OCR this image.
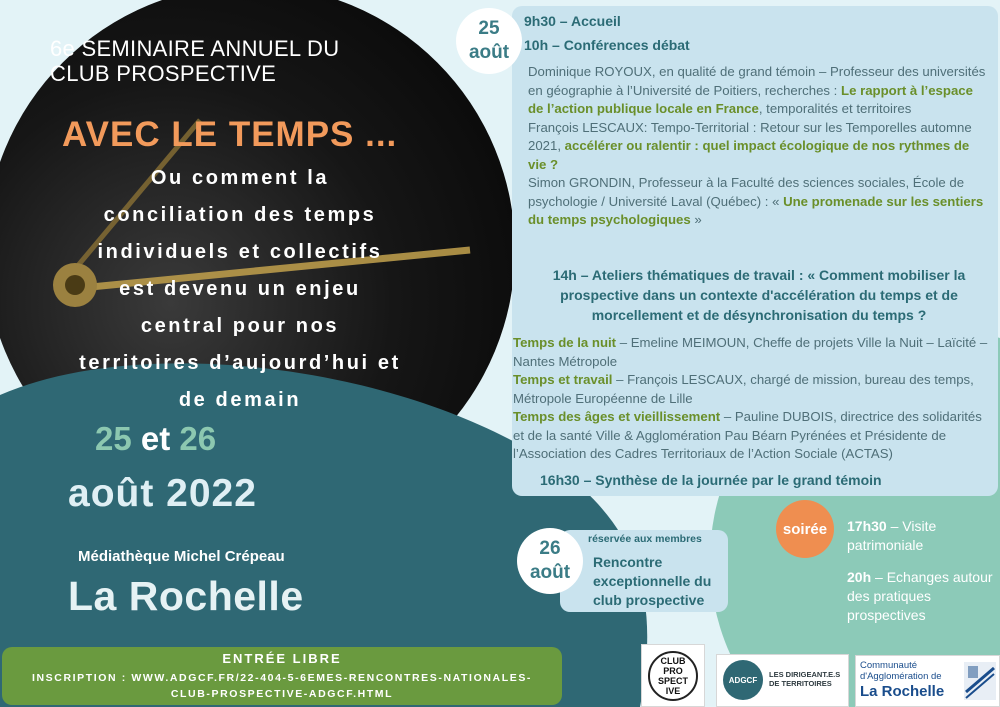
6e SEMINAIRE ANNUEL DU
CLUB PROSPECTIVE
AVEC LE TEMPS ...
Ou comment la
conciliation des temps
individuels et collectifs
est devenu un enjeu
central pour nos
territoires d’aujourd’hui et
de demain
25 et 26
août 2022
Médiathèque Michel Crépeau
La Rochelle
ENTRÉE LIBRE
INSCRIPTION : WWW.ADGCF.FR/22-404-5-6EMES-RENCONTRES-NATIONALES-CLUB-PROSPECTIVE-ADGCF.HTML
25
août
9h30 – Accueil
10h – Conférences débat
Dominique ROYOUX, en qualité de grand témoin – Professeur des universités en géographie à l’Université de Poitiers, recherches : Le rapport à l’espace de l’action publique locale en France, temporalités et territoires
François LESCAUX: Tempo-Territorial : Retour sur les Temporelles automne 2021, accélérer ou ralentir : quel impact écologique de nos rythmes de vie ?
Simon GRONDIN, Professeur à la Faculté des sciences sociales, École de psychologie / Université Laval (Québec) : « Une promenade sur les sentiers du temps psychologiques »
14h – Ateliers thématiques de travail : « Comment mobiliser la prospective dans un contexte d'accélération du temps et de morcellement et de désynchronisation du temps ?
Temps de la nuit – Emeline MEIMOUN, Cheffe de projets Ville la Nuit – Laïcité – Nantes Métropole
Temps et travail – François LESCAUX, chargé de mission, bureau des temps, Métropole Européenne de Lille
Temps des âges et vieillissement – Pauline DUBOIS, directrice des solidarités et de la santé Ville & Agglomération Pau Béarn Pyrénées et Présidente de l’Association des Cadres Territoriaux de l’Action Sociale (ACTAS)
16h30 – Synthèse de la journée par le grand témoin
26
août
réservée aux membres
Rencontre exceptionnelle du club prospective
soirée	17h30 – Visite patrimoniale
20h – Echanges autour des pratiques prospectives
CLUB PRO SPECT IVE
ADGCF
LES DIRIGEANT.E.S DE TERRITOIRES
Communauté
d'Agglomération de
La Rochelle
